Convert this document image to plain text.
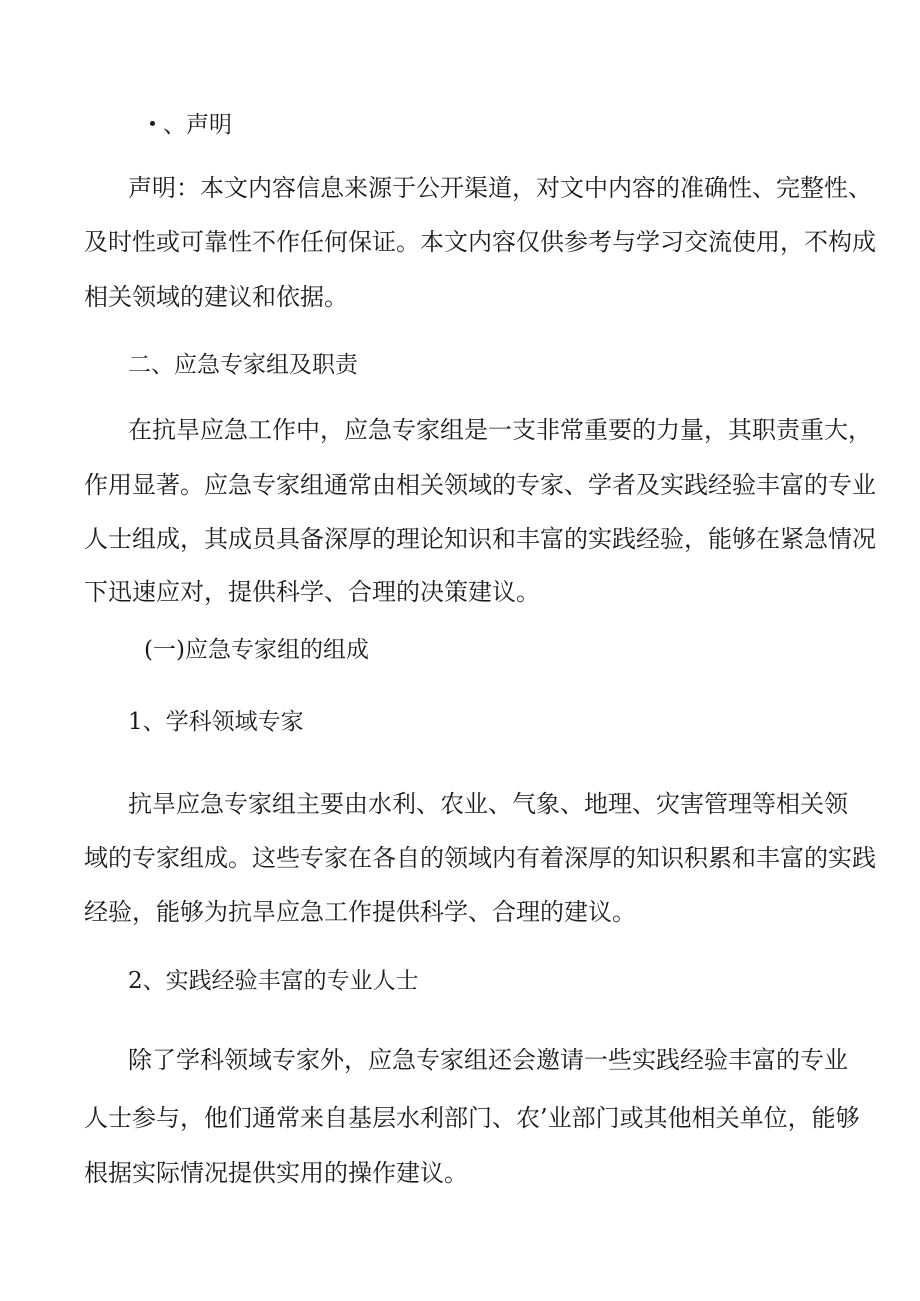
、声明
声明：本文内容信息来源于公开渠道，对文中内容的准确性、完整性、
及时性或可靠性不作任何保证。本文内容仅供参考与学习交流使用，不构成
相关领域的建议和依据。
二、应急专家组及职责
在抗旱应急工作中，应急专家组是一支非常重要的力量，其职责重大，
作用显著。应急专家组通常由相关领域的专家、学者及实践经验丰富的专业
人士组成，其成员具备深厚的理论知识和丰富的实践经验，能够在紧急情况
下迅速应对，提供科学、合理的决策建议。
(一)应急专家组的组成
1、学科领域专家
抗旱应急专家组主要由水利、农业、气象、地理、灾害管理等相关领
域的专家组成。这些专家在各自的领域内有着深厚的知识积累和丰富的实践
经验，能够为抗旱应急工作提供科学、合理的建议。
2、实践经验丰富的专业人士
除了学科领域专家外，应急专家组还会邀请一些实践经验丰富的专业
人士参与，他们通常来自基层水利部门、农’业部门或其他相关单位，能够
根据实际情况提供实用的操作建议。
